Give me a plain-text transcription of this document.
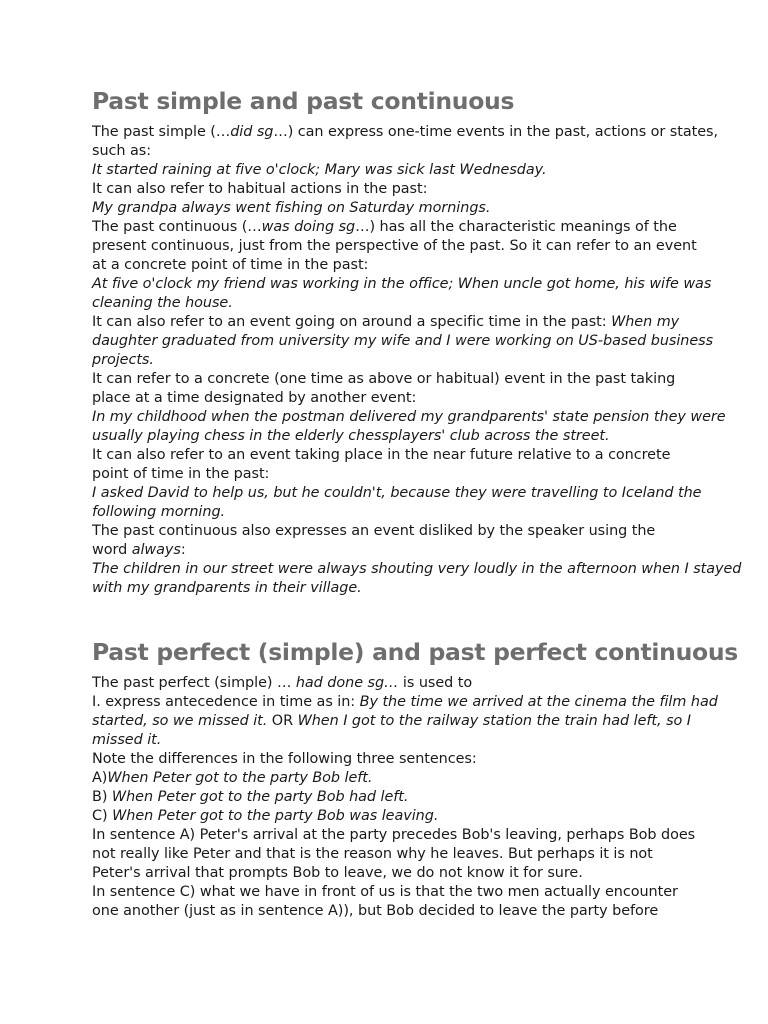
Past simple and past continuous
The past simple (…did sg…) can express one-time events in the past, actions or states,
such as:
It started raining at five o'clock; Mary was sick last Wednesday.
It can also refer to habitual actions in the past:
My grandpa always went fishing on Saturday mornings.
The past continuous (…was doing sg…) has all the characteristic meanings of the
present continuous, just from the perspective of the past. So it can refer to an event
at a concrete point of time in the past:
At five o'clock my friend was working in the office; When uncle got home, his wife was
cleaning the house.
It can also refer to an event going on around a specific time in the past: When my
daughter graduated from university my wife and I were working on US-based business
projects.
It can refer to a concrete (one time as above or habitual) event in the past taking
place at a time designated by another event:
In my childhood when the postman delivered my grandparents' state pension they were
usually playing chess in the elderly chessplayers' club across the street.
It can also refer to an event taking place in the near future relative to a concrete
point of time in the past:
I asked David to help us, but he couldn't, because they were travelling to Iceland the
following morning.
The past continuous also expresses an event disliked by the speaker using the
word always:
The children in our street were always shouting very loudly in the afternoon when I stayed
with my grandparents in their village.
Past perfect (simple) and past perfect continuous
The past perfect (simple) … had done sg… is used to
I. express antecedence in time as in: By the time we arrived at the cinema the film had
started, so we missed it. OR When I got to the railway station the train had left, so I
missed it.
Note the differences in the following three sentences:
A)When Peter got to the party Bob left.
B) When Peter got to the party Bob had left.
C) When Peter got to the party Bob was leaving.
In sentence A) Peter's arrival at the party precedes Bob's leaving, perhaps Bob does
not really like Peter and that is the reason why he leaves. But perhaps it is not
Peter's arrival that prompts Bob to leave, we do not know it for sure.
In sentence C) what we have in front of us is that the two men actually encounter
one another (just as in sentence A)), but Bob decided to leave the party before
